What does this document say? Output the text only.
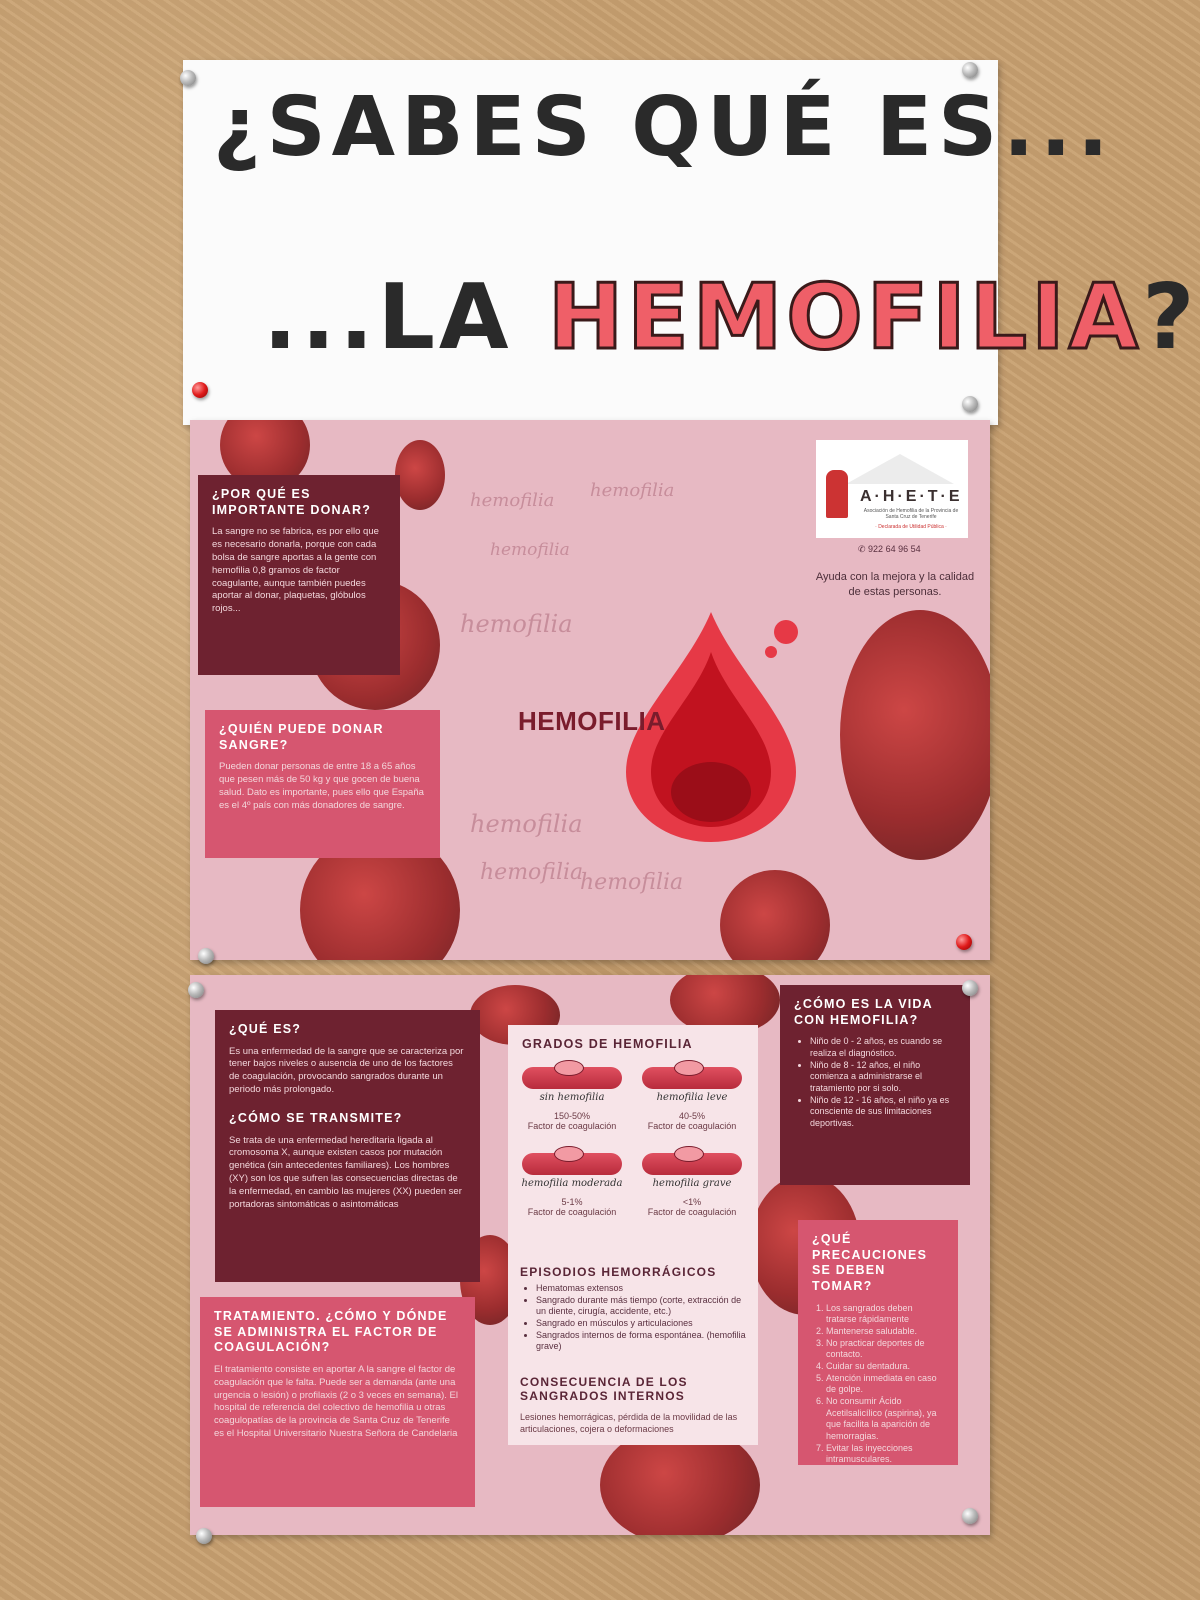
¿SABES QUÉ ES...
...LA HEMOFILIA?
hemofilia hemofilia
hemofilia
hemofilia
hemofilia
hemofilia
hemofilia
¿POR QUÉ ES IMPORTANTE DONAR?

La sangre no se fabrica, es por ello que es necesario donarla, porque con cada bolsa de sangre aportas a la gente con hemofilia 0,8 gramos de factor coagulante, aunque también puedes aportar al donar, plaquetas, glóbulos rojos...

¿QUIÉN PUEDE DONAR SANGRE?

Pueden donar personas de entre 18 a 65 años que pesen más de 50 kg y que gocen de buena salud. Dato es importante, pues ello que España es el 4º país con más donadores de sangre.

HEMOFILIA
A·H·E·T·E
Asociación de Hemofilia de la Provincia de Santa Cruz de Tenerife
· Declarada de Utilidad Pública ·
✆ 922 64 96 54
Ayuda con la mejora y la calidad de estas personas.
¿QUÉ ES?

Es una enfermedad de la sangre que se caracteriza por tener bajos niveles o ausencia de uno de los factores de coagulación, provocando sangrados durante un periodo más prolongado.

¿CÓMO SE TRANSMITE?

Se trata de una enfermedad hereditaria ligada al cromosoma X, aunque existen casos por mutación genética (sin antecedentes familiares). Los hombres (XY) son los que sufren las consecuencias directas de la enfermedad, en cambio las mujeres (XX) pueden ser portadoras sintomáticas o asintomáticas

TRATAMIENTO. ¿CÓMO Y DÓNDE SE ADMINISTRA EL FACTOR DE COAGULACIÓN?

El tratamiento consiste en aportar A la sangre el factor de coagulación que le falta. Puede ser a demanda (ante una urgencia o lesión) o profilaxis (2 o 3 veces en semana). El hospital de referencia del colectivo de hemofilia u otras coagulopatías de la provincia de Santa Cruz de Tenerife es el Hospital Universitario Nuestra Señora de Candelaria

GRADOS DE HEMOFILIA
sin hemofilia
150-50%
Factor de coagulación
hemofilia leve
40-5%
Factor de coagulación
hemofilia moderada
5-1%
Factor de coagulación
hemofilia grave
<1%
Factor de coagulación
EPISODIOS HEMORRÁGICOS
• Hematomas extensos
• Sangrado durante más tiempo (corte, extracción de un diente, cirugía, accidente, etc.)
• Sangrado en músculos y articulaciones
• Sangrados internos de forma espontánea. (hemofilia grave)
CONSECUENCIA DE LOS SANGRADOS INTERNOS

Lesiones hemorrágicas, pérdida de la movilidad de las articulaciones, cojera o deformaciones

¿CÓMO ES LA VIDA CON HEMOFILIA?
• Niño de 0 - 2 años, es cuando se realiza el diagnóstico.
• Niño de 8 - 12 años, el niño comienza a administrarse el tratamiento por si solo.
• Niño de 12 - 16 años, el niño ya es consciente de sus limitaciones deportivas.
¿QUÉ PRECAUCIONES SE DEBEN TOMAR?
1. Los sangrados deben tratarse rápidamente
2. Mantenerse saludable.
3. No practicar deportes de contacto.
4. Cuidar su dentadura.
5. Atención inmediata en caso de golpe.
6. No consumir Ácido Acetilsalicílico (aspirina), ya que facilita la aparición de hemorragias.
7. Evitar las inyecciones intramusculares.
